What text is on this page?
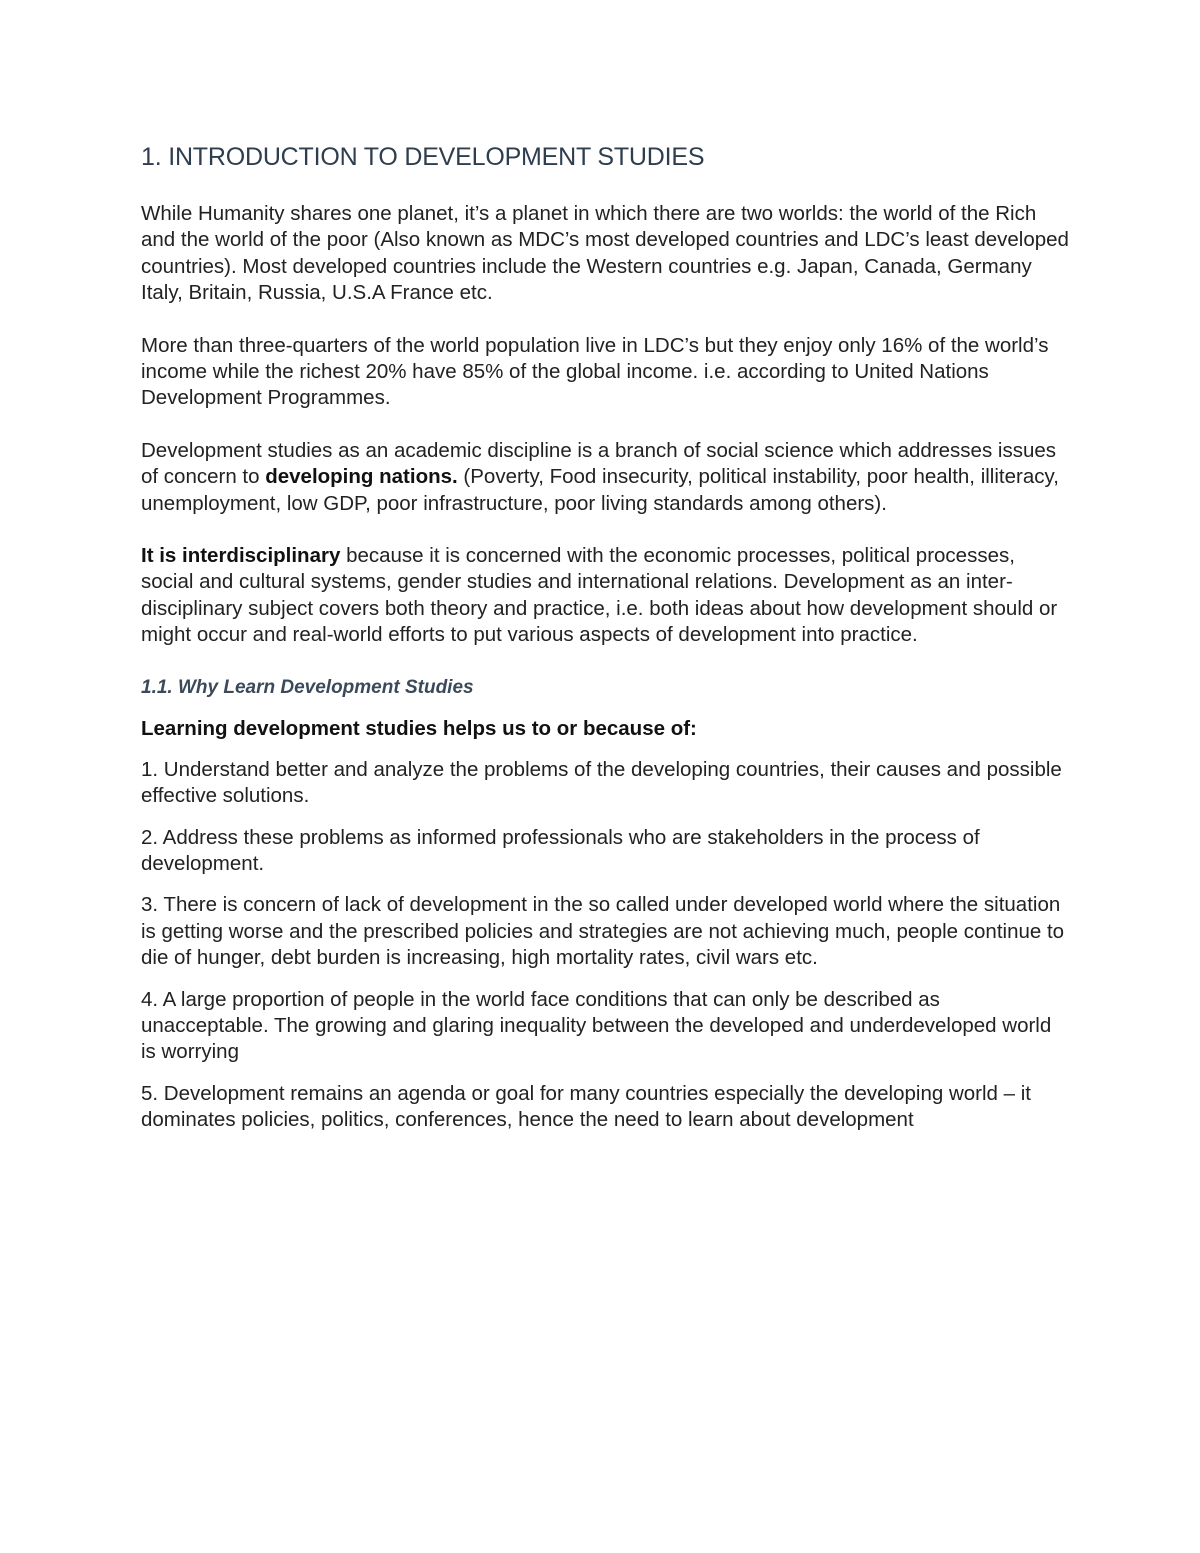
1. INTRODUCTION TO DEVELOPMENT STUDIES

While Humanity shares one planet, it’s a planet in which there are two worlds: the world of the Rich and the world of the poor (Also known as MDC’s most developed countries and LDC’s least developed countries). Most developed countries include the Western countries e.g. Japan, Canada, Germany Italy, Britain, Russia, U.S.A France etc.

More than three-quarters of the world population live in LDC’s but they enjoy only 16% of the world’s income while the richest 20% have 85% of the global income. i.e. according to United Nations Development Programmes.

Development studies as an academic discipline is a branch of social science which addresses issues of concern to developing nations. (Poverty, Food insecurity, political instability, poor health, illiteracy, unemployment, low GDP, poor infrastructure, poor living standards among others).

It is interdisciplinary because it is concerned with the economic processes, political processes, social and cultural systems, gender studies and international relations. Development as an inter-disciplinary subject covers both theory and practice, i.e. both ideas about how development should or might occur and real-world efforts to put various aspects of development into practice.

1.1. Why Learn Development Studies

Learning development studies helps us to or because of:

1. Understand better and analyze the problems of the developing countries, their causes and possible effective solutions.

2. Address these problems as informed professionals who are stakeholders in the process of development.

3. There is concern of lack of development in the so called under developed world where the situation is getting worse and the prescribed policies and strategies are not achieving much, people continue to die of hunger, debt burden is increasing, high mortality rates, civil wars etc.

4. A large proportion of people in the world face conditions that can only be described as unacceptable. The growing and glaring inequality between the developed and underdeveloped world is worrying

5. Development remains an agenda or goal for many countries especially the developing world – it dominates policies, politics, conferences, hence the need to learn about development
